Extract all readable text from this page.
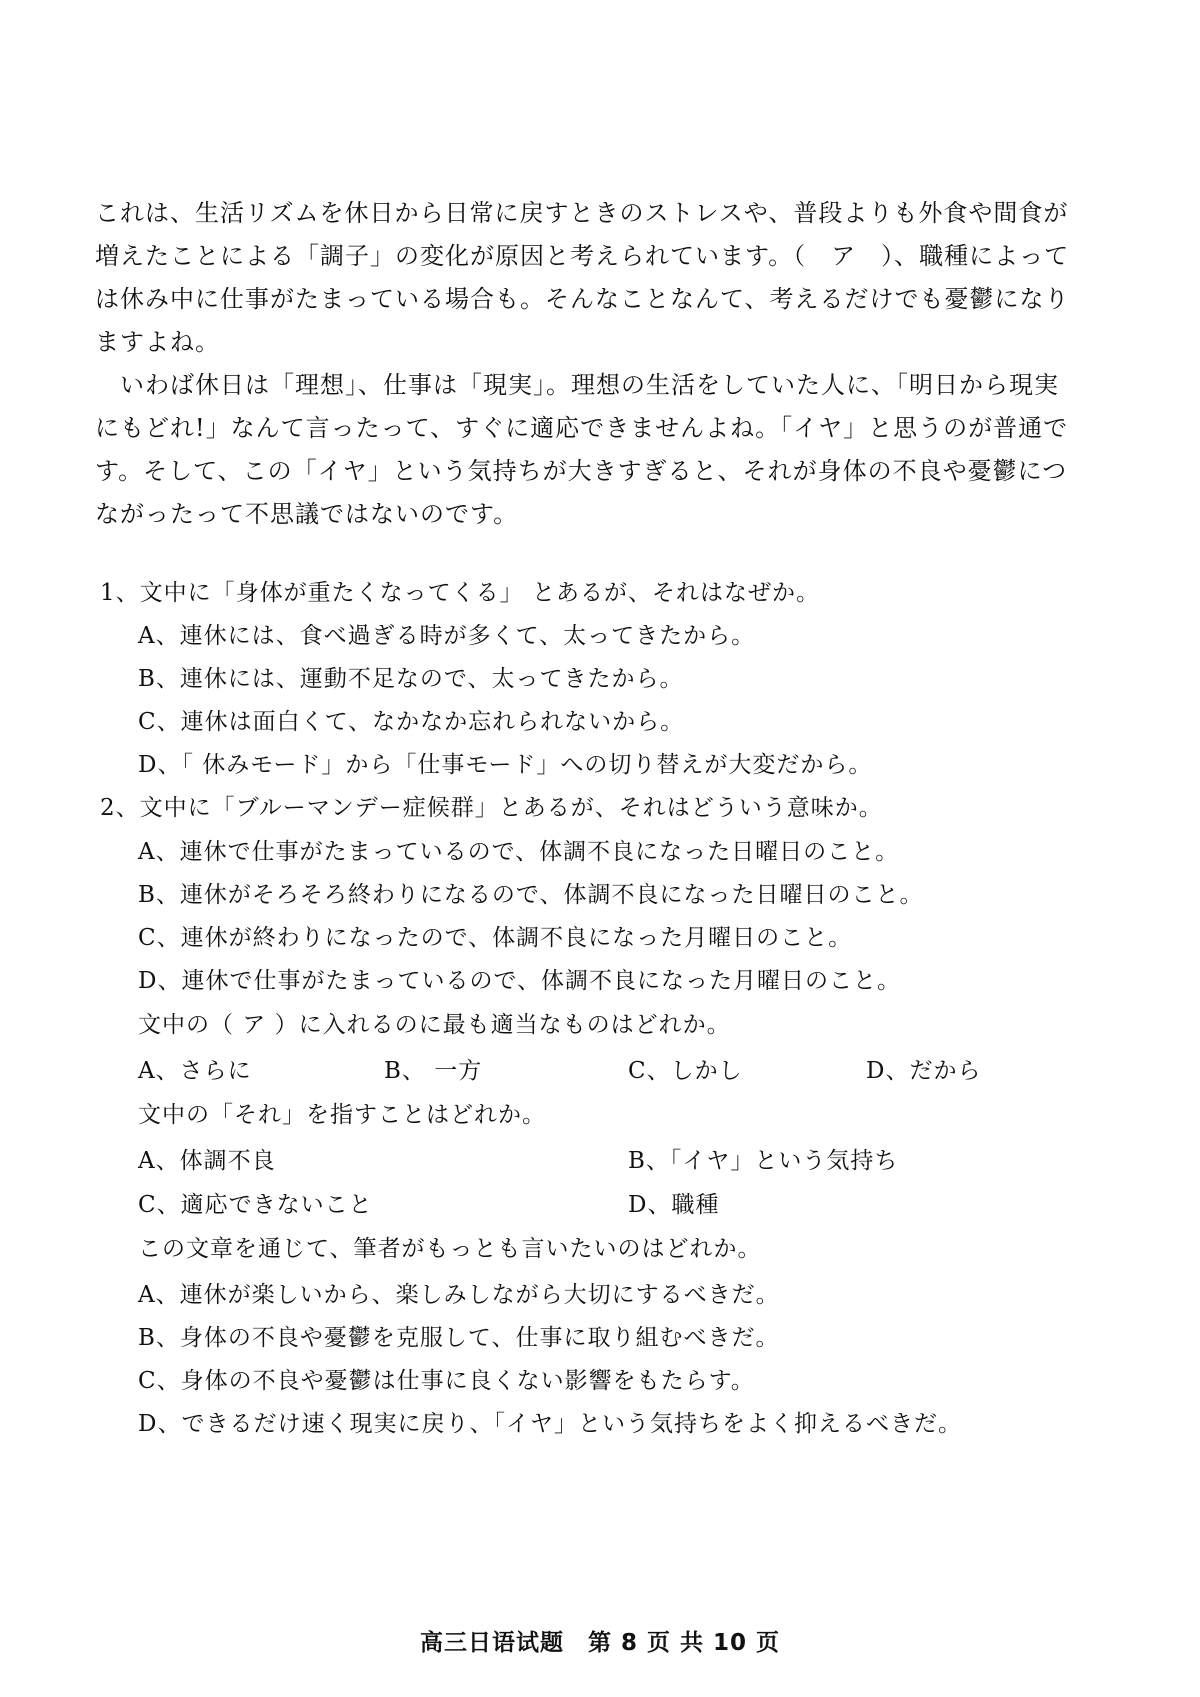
これは、生活リズムを休日から日常に戻すときのストレスや、普段よりも外食や間食が
増えたことによる「調子」の変化が原因と考えられています。（　ア　）、職種によって
は休み中に仕事がたまっている場合も。そんなことなんて、考えるだけでも憂鬱になり
ますよね。
　いわば休日は「理想」、仕事は「現実」。理想の生活をしていた人に、「明日から現実
にもどれ!」なんて言ったって、すぐに適応できませんよね。「イヤ」と思うのが普通で
す。そして、この「イヤ」という気持ちが大きすぎると、それが身体の不良や憂鬱につ
ながったって不思議ではないのです。
1、文中に「身体が重たくなってくる」 とあるが、それはなぜか。
A、連休には、食べ過ぎる時が多くて、太ってきたから。
B、連休には、運動不足なので、太ってきたから。
C、連休は面白くて、なかなか忘れられないから。
D、「 休みモード」から「仕事モード」への切り替えが大変だから。
2、文中に「ブルーマンデー症候群」とあるが、それはどういう意味か。
A、連休で仕事がたまっているので、体調不良になった日曜日のこと。
B、連休がそろそろ終わりになるので、体調不良になった日曜日のこと。
C、連休が終わりになったので、体調不良になった月曜日のこと。
D、連休で仕事がたまっているので、体調不良になった月曜日のこと。
文中の（ ア ）に入れるのに最も適当なものはどれか。
A、さらに	B、 一方	C、しかし	D、だから
文中の「それ」を指すことはどれか。
A、体調不良	B、「イヤ」という気持ち
C、適応できないこと	D、職種
この文章を通じて、筆者がもっとも言いたいのはどれか。
A、連休が楽しいから、楽しみしながら大切にするべきだ。
B、身体の不良や憂鬱を克服して、仕事に取り組むべきだ。
C、身体の不良や憂鬱は仕事に良くない影響をもたらす。
D、できるだけ速く現実に戻り、「イヤ」という気持ちをよく抑えるべきだ。
高三日语试题　第 8 页 共 10 页
